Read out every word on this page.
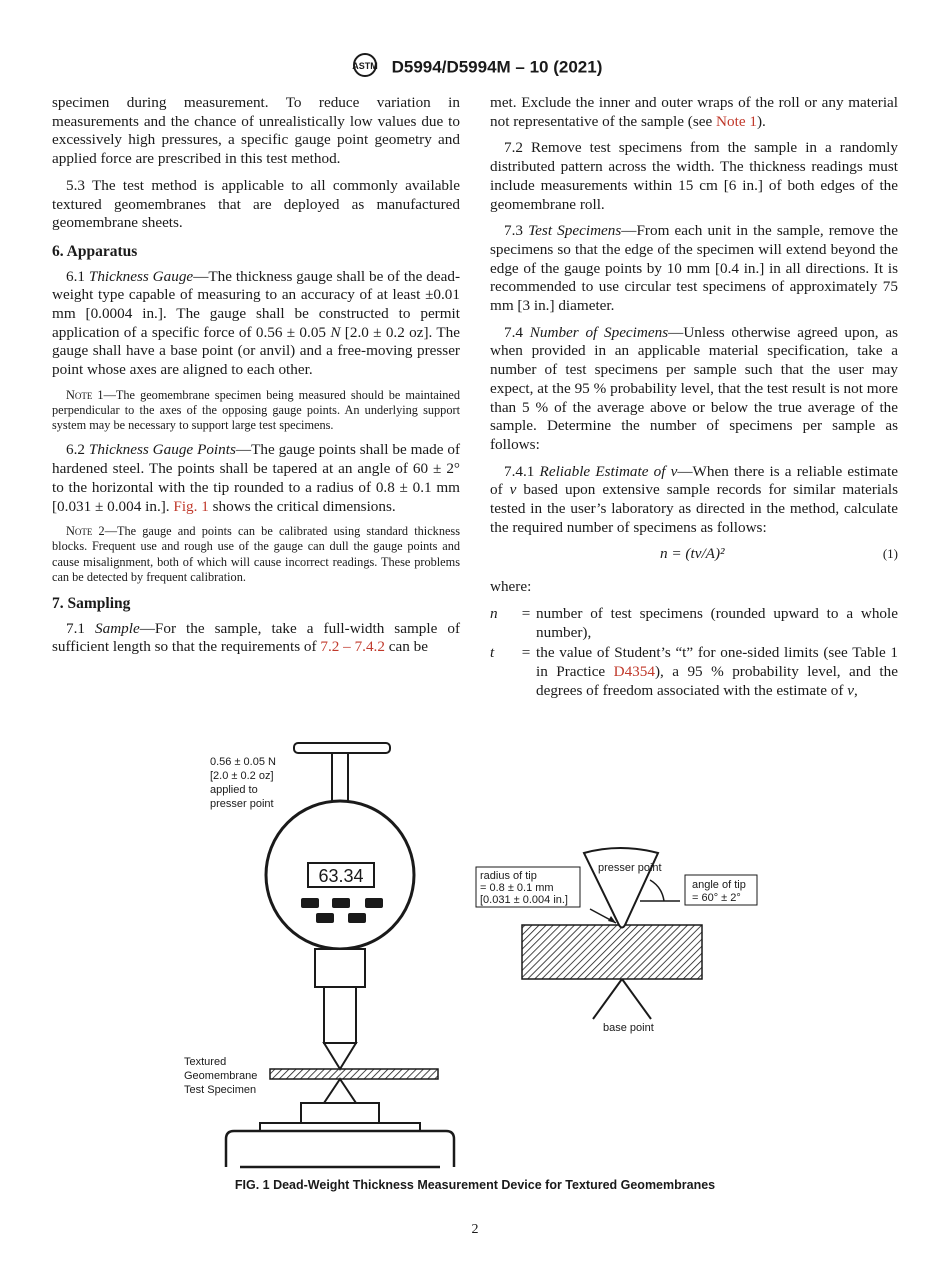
ASTM D5994/D5994M – 10 (2021)

specimen during measurement. To reduce variation in measurements and the chance of unrealistically low values due to excessively high pressures, a specific gauge point geometry and applied force are prescribed in this test method.

5.3 The test method is applicable to all commonly available textured geomembranes that are deployed as manufactured geomembrane sheets.

6. Apparatus

6.1 Thickness Gauge—The thickness gauge shall be of the dead-weight type capable of measuring to an accuracy of at least ±0.01 mm [0.0004 in.]. The gauge shall be constructed to permit application of a specific force of 0.56 ± 0.05 N [2.0 ± 0.2 oz]. The gauge shall have a base point (or anvil) and a free-moving presser point whose axes are aligned to each other.

Note 1—The geomembrane specimen being measured should be maintained perpendicular to the axes of the opposing gauge points. An underlying support system may be necessary to support large test specimens.

6.2 Thickness Gauge Points—The gauge points shall be made of hardened steel. The points shall be tapered at an angle of 60 ± 2° to the horizontal with the tip rounded to a radius of 0.8 ± 0.1 mm [0.031 ± 0.004 in.]. Fig. 1 shows the critical dimensions.

Note 2—The gauge and points can be calibrated using standard thickness blocks. Frequent use and rough use of the gauge can dull the gauge points and cause misalignment, both of which will cause incorrect readings. These problems can be detected by frequent calibration.

7. Sampling

7.1 Sample—For the sample, take a full-width sample of sufficient length so that the requirements of 7.2 – 7.4.2 can be

met. Exclude the inner and outer wraps of the roll or any material not representative of the sample (see Note 1).

7.2 Remove test specimens from the sample in a randomly distributed pattern across the width. The thickness readings must include measurements within 15 cm [6 in.] of both edges of the geomembrane roll.

7.3 Test Specimens—From each unit in the sample, remove the specimens so that the edge of the specimen will extend beyond the edge of the gauge points by 10 mm [0.4 in.] in all directions. It is recommended to use circular test specimens of approximately 75 mm [3 in.] diameter.

7.4 Number of Specimens—Unless otherwise agreed upon, as when provided in an applicable material specification, take a number of test specimens per sample such that the user may expect, at the 95 % probability level, that the test result is not more than 5 % of the average above or below the true average of the sample. Determine the number of specimens per sample as follows:

7.4.1 Reliable Estimate of v—When there is a reliable estimate of v based upon extensive sample records for similar materials tested in the user’s laboratory as directed in the method, calculate the required number of specimens as follows:

n = (tv/A)²	(1)

where:

n	= number of test specimens (rounded upward to a whole number),
t	= the value of Student’s “t” for one-sided limits (see Table 1 in Practice D4354), a 95 % probability level, and the degrees of freedom associated with the estimate of v,
63.34
0.56 ± 0.05 N
[2.0 ± 0.2 oz]
applied to
presser point
Textured
Geomembrane
Test Specimen
radius of tip
= 0.8 ± 0.1 mm
[0.031 ± 0.004 in.]
presser point
angle of tip
= 60° ± 2°
base point
FIG. 1 Dead-Weight Thickness Measurement Device for Textured Geomembranes
2
